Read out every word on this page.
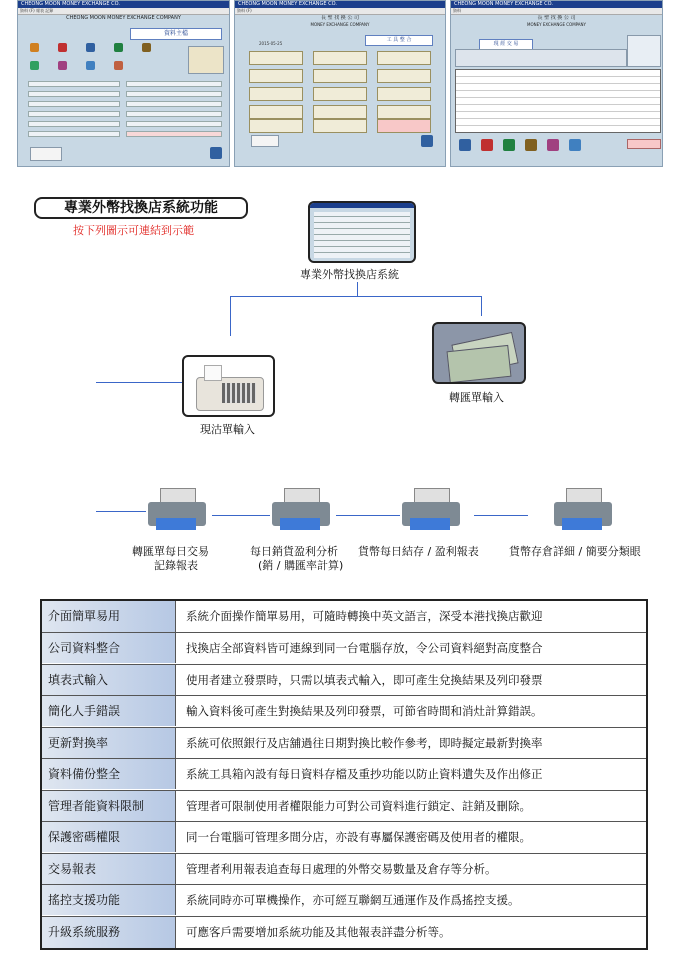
CHEONG MOON MONEY EXCHANGE CO.
資料 (F) 報表 記錄
CHEONG MOON MONEY EXCHANGE COMPANY
資料主檔
CHEONG MOON MONEY EXCHANGE CO.
資料 (F)
長 聖 找 換 公 司
MONEY EXCHANGE COMPANY
2015-05-25
工 具 整 合
CHEONG MOON MONEY EXCHANGE CO.
資料
長 聖 找 換 公 司
MONEY EXCHANGE COMPANY
現 經 交 易
專業外幣找換店系統功能
按下列圖示可連結到示範
專業外幣找換店系統
現沽單輸入
轉匯單輸入
轉匯單每日交易
記錄報表
每日銷貨盈利分析
(銷 / 購匯率計算)
貨幣每日結存 / 盈利報表	貨幣存倉詳細 / 簡要分類眼
介面簡單易用	系統介面操作簡單易用，可隨時轉換中英文語言，深受本港找換店歡迎
公司資料整合	找換店全部資料皆可連線到同一台電腦存放，令公司資料絕對高度整合
填表式輸入	使用者建立發票時，只需以填表式輸入，即可產生兌換結果及列印發票
簡化人手錯誤	輸入資料後可產生對換結果及列印發票，可節省時間和消灶計算錯誤。
更新對換率	系統可依照銀行及店舖過往日期對換比較作參考，即時擬定最新對換率
資料備份整全	系統工具箱內設有每日資料存檔及重抄功能以防止資料遺失及作出修正
管理者能資料限制	管理者可限制使用者權限能力可對公司資料進行鎖定、註銷及刪除。
保護密碼權限	同一台電腦可管理多間分店，亦設有專屬保護密碼及使用者的權限。
交易報表	管理者利用報表追查每日處理的外幣交易數量及倉存等分析。
搖控支援功能	系統同時亦可單機操作，亦可經互聯網互通運作及作爲搖控支援。
升級系統服務	可應客戶需要增加系統功能及其他報表詳盡分析等。
